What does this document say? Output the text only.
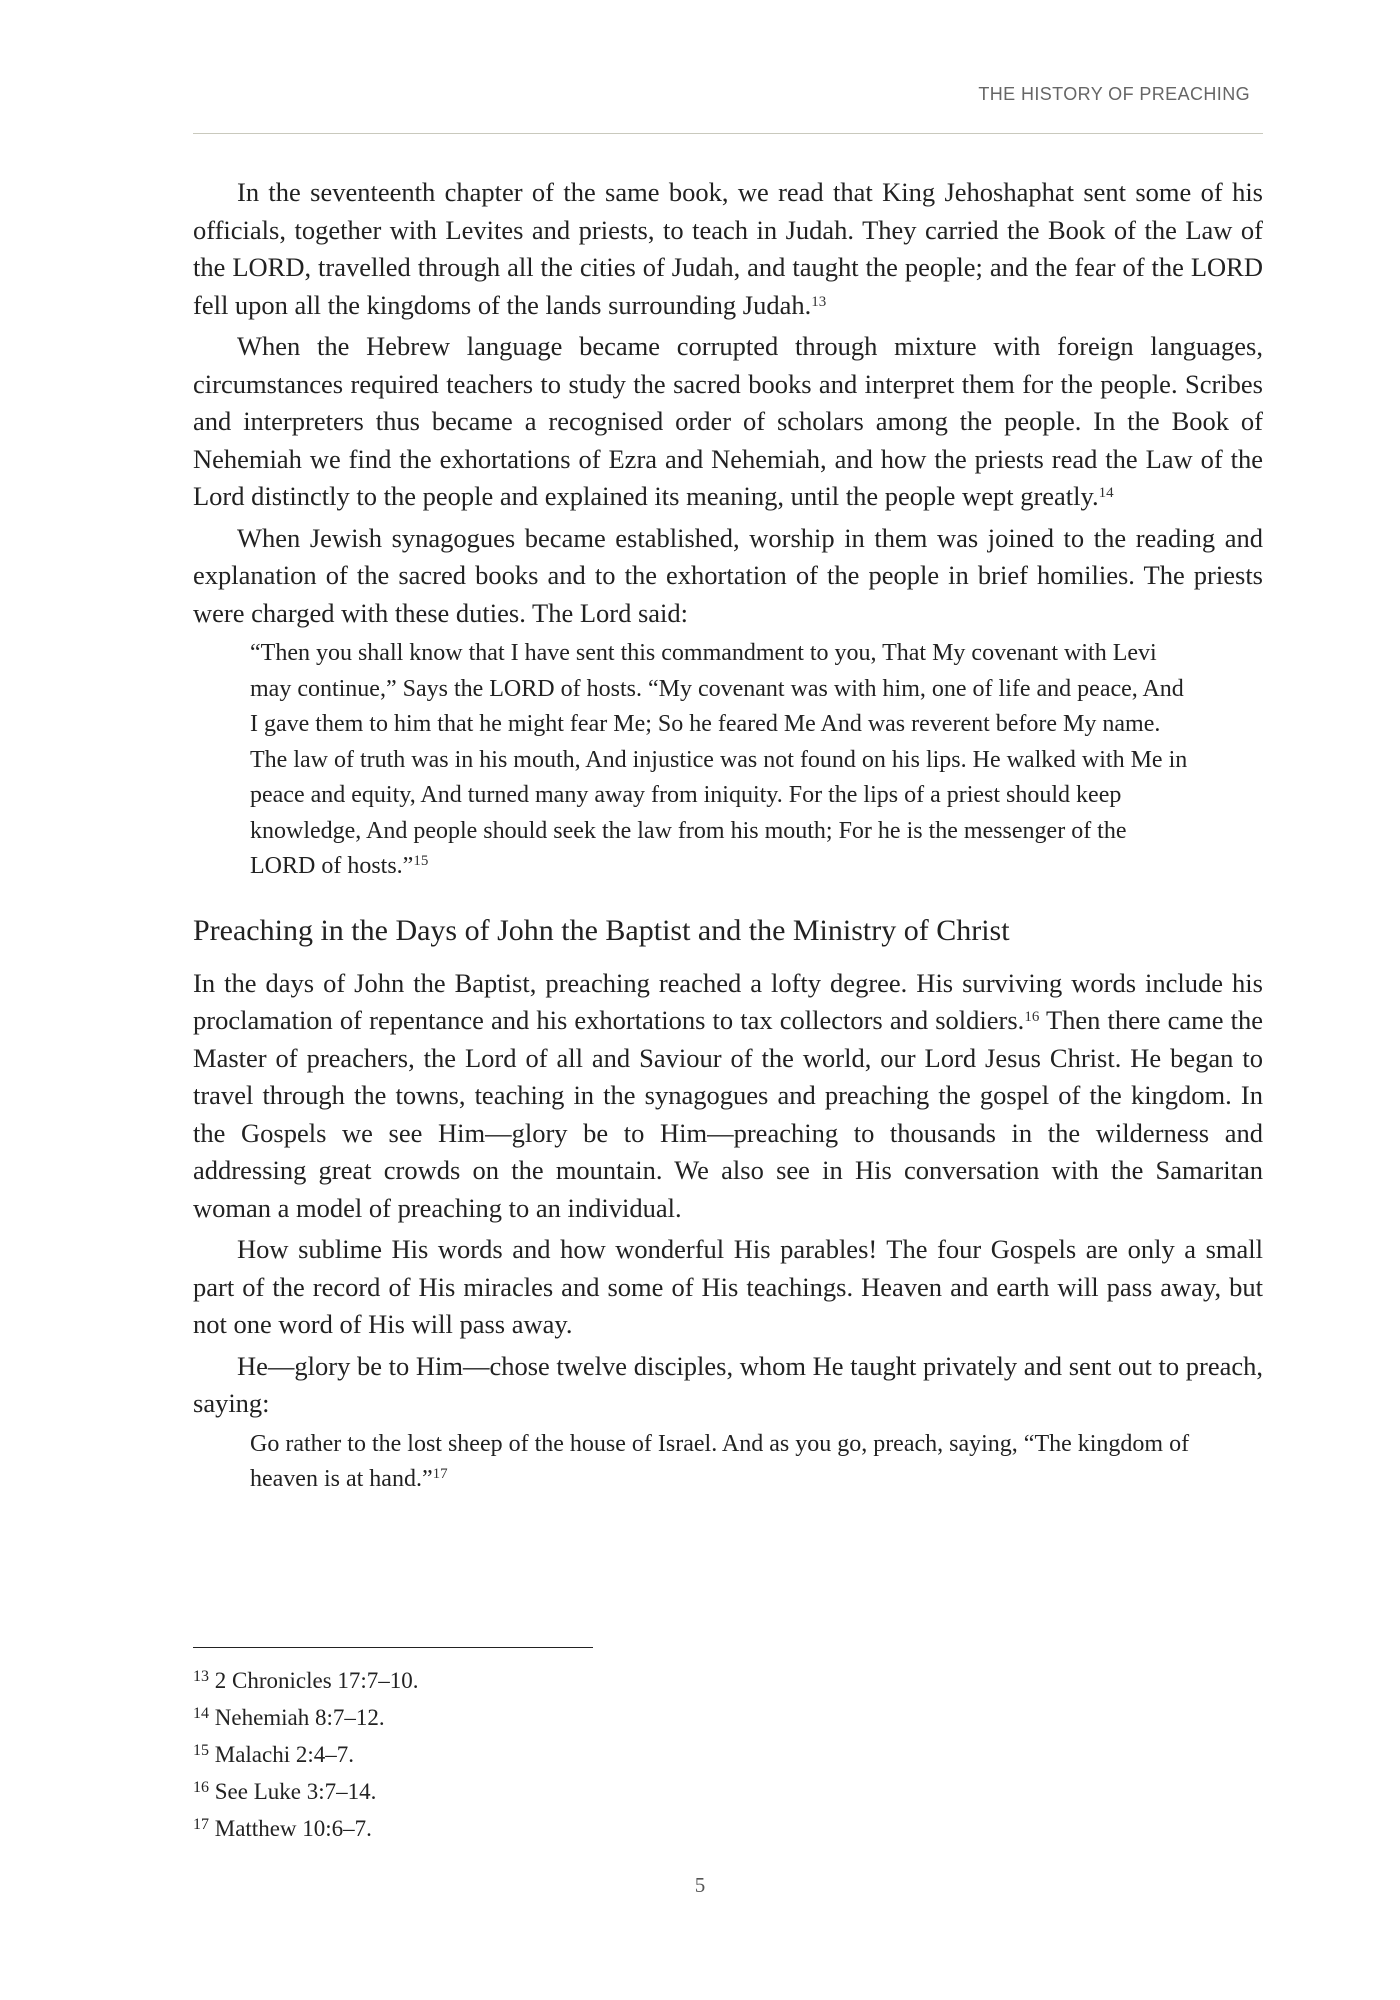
THE HISTORY OF PREACHING

In the seventeenth chapter of the same book, we read that King Jehoshaphat sent some of his officials, together with Levites and priests, to teach in Judah. They carried the Book of the Law of the LORD, travelled through all the cities of Judah, and taught the people; and the fear of the LORD fell upon all the kingdoms of the lands surrounding Judah.$^{13}$

When the Hebrew language became corrupted through mixture with foreign languages, circumstances required teachers to study the sacred books and interpret them for the people. Scribes and interpreters thus became a recognised order of scholars among the people. In the Book of Nehemiah we find the exhortations of Ezra and Nehemiah, and how the priests read the Law of the Lord distinctly to the people and explained its meaning, until the people wept greatly.$^{14}$

When Jewish synagogues became established, worship in them was joined to the reading and explanation of the sacred books and to the exhortation of the people in brief homilies. The priests were charged with these duties. The Lord said:

“Then you shall know that I have sent this commandment to you, That My covenant with Levi may continue,” Says the LORD of hosts. “My covenant was with him, one of life and peace, And I gave them to him that he might fear Me; So he feared Me And was reverent before My name. The law of truth was in his mouth, And injustice was not found on his lips. He walked with Me in peace and equity, And turned many away from iniquity. For the lips of a priest should keep knowledge, And people should seek the law from his mouth; For he is the messenger of the LORD of hosts.”$^{15}$
Preaching in the Days of John the Baptist and the Ministry of Christ

In the days of John the Baptist, preaching reached a lofty degree. His surviving words include his proclamation of repentance and his exhortations to tax collectors and soldiers.$^{16}$ Then there came the Master of preachers, the Lord of all and Saviour of the world, our Lord Jesus Christ. He began to travel through the towns, teaching in the synagogues and preaching the gospel of the kingdom. In the Gospels we see Him—glory be to Him—preaching to thousands in the wilderness and addressing great crowds on the mountain. We also see in His conversation with the Samaritan woman a model of preaching to an individual.

How sublime His words and how wonderful His parables! The four Gospels are only a small part of the record of His miracles and some of His teachings. Heaven and earth will pass away, but not one word of His will pass away.

He—glory be to Him—chose twelve disciples, whom He taught privately and sent out to preach, saying:

Go rather to the lost sheep of the house of Israel. And as you go, preach, saying, “The kingdom of heaven is at hand.”$^{17}$
$^{13}$ 2 Chronicles 17:7–10.
$^{14}$ Nehemiah 8:7–12.
$^{15}$ Malachi 2:4–7.
$^{16}$ See Luke 3:7–14.
$^{17}$ Matthew 10:6–7.
5
